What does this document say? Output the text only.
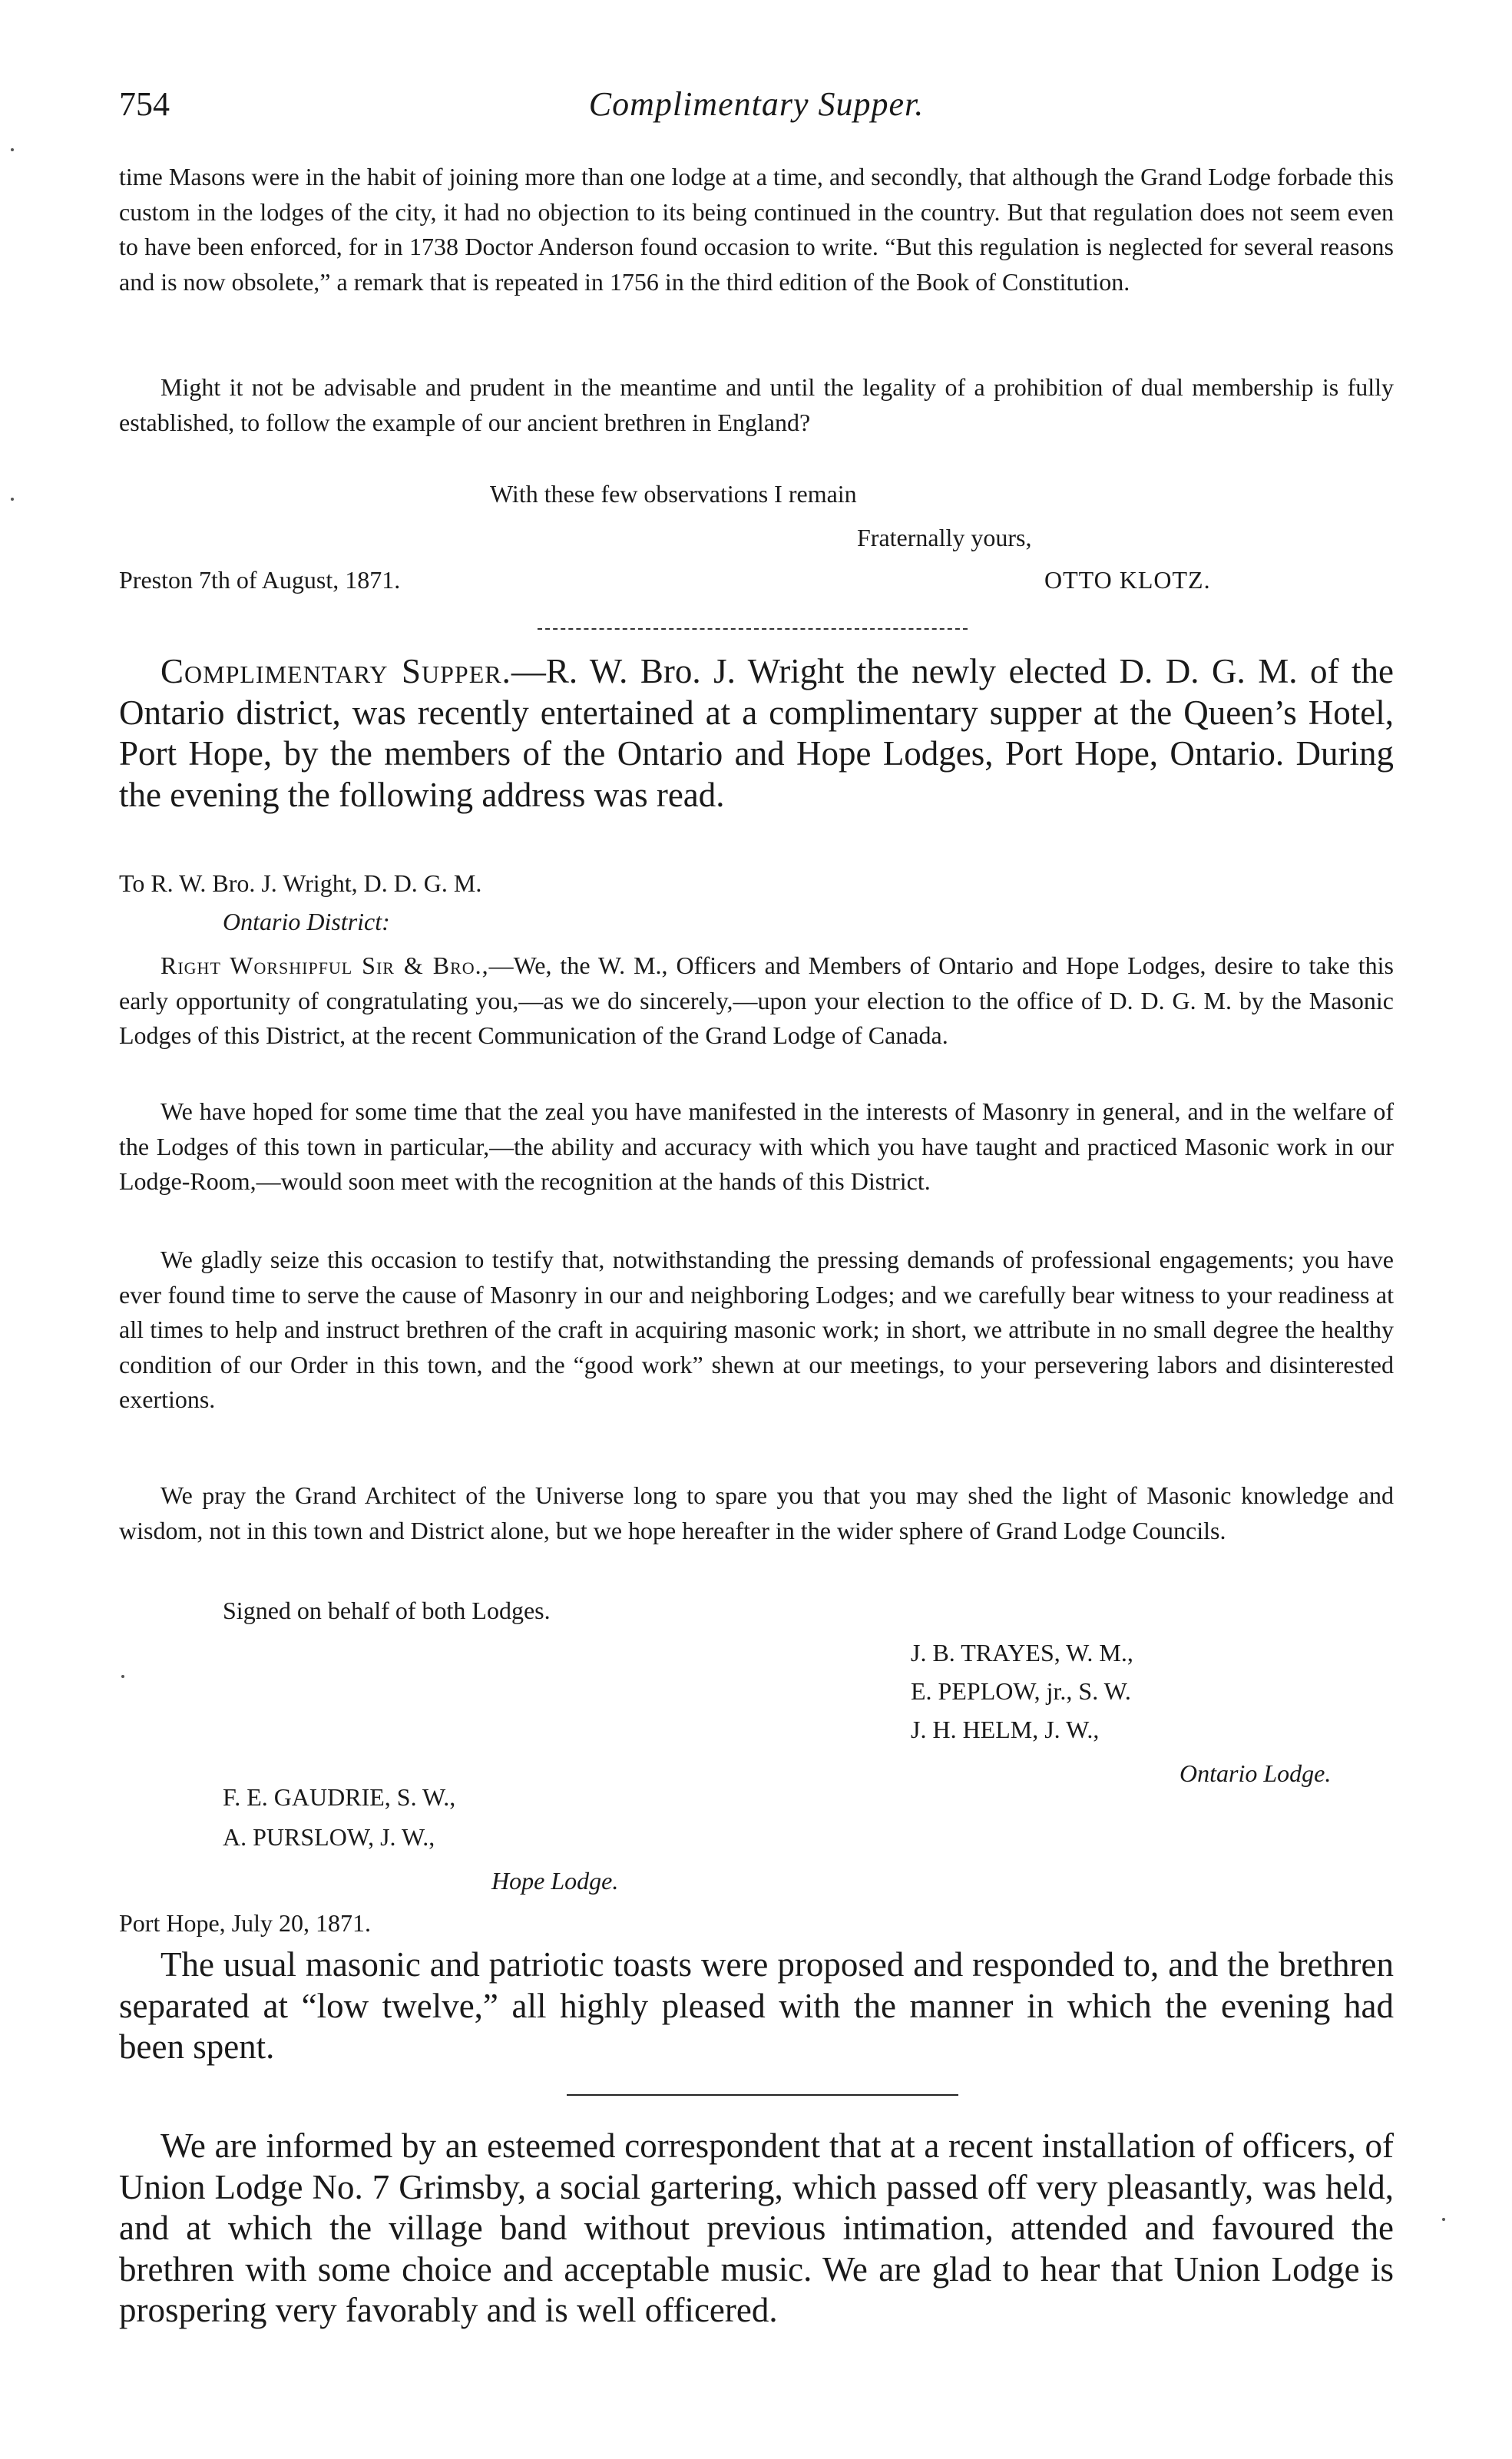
754	Complimentary Supper.
time Masons were in the habit of joining more than one lodge at a time, and secondly, that although the Grand Lodge forbade this custom in the lodges of the city, it had no objection to its being continued in the country. But that regulation does not seem even to have been enforced, for in 1738 Doctor Anderson found occasion to write. “But this regulation is neglected for several reasons and is now obsolete,” a remark that is repeated in 1756 in the third edition of the Book of Constitution.
Might it not be advisable and prudent in the meantime and until the legality of a prohibition of dual membership is fully established, to follow the example of our ancient brethren in England?
With these few observations I remain
Fraternally yours,
Preston 7th of August, 1871.	OTTO KLOTZ.
Complimentary Supper.—R. W. Bro. J. Wright the newly elected D. D. G. M. of the Ontario district, was recently entertained at a complimentary supper at the Queen’s Hotel, Port Hope, by the members of the Ontario and Hope Lodges, Port Hope, Ontario. During the evening the following address was read.
To R. W. Bro. J. Wright, D. D. G. M.
Ontario District:
Right Worshipful Sir & Bro.,—We, the W. M., Officers and Members of Ontario and Hope Lodges, desire to take this early opportunity of congratulating you,—as we do sincerely,—upon your election to the office of D. D. G. M. by the Masonic Lodges of this District, at the recent Communication of the Grand Lodge of Canada.
We have hoped for some time that the zeal you have manifested in the interests of Masonry in general, and in the welfare of the Lodges of this town in particular,—the ability and accuracy with which you have taught and practiced Masonic work in our Lodge-Room,—would soon meet with the recognition at the hands of this District.
We gladly seize this occasion to testify that, notwithstanding the pressing demands of professional engagements; you have ever found time to serve the cause of Masonry in our and neighboring Lodges; and we carefully bear witness to your readiness at all times to help and instruct brethren of the craft in acquiring masonic work; in short, we attribute in no small degree the healthy condition of our Order in this town, and the “good work” shewn at our meetings, to your persevering labors and disinterested exertions.
We pray the Grand Architect of the Universe long to spare you that you may shed the light of Masonic knowledge and wisdom, not in this town and District alone, but we hope hereafter in the wider sphere of Grand Lodge Councils.
Signed on behalf of both Lodges.
J. B. TRAYES, W. M.,
E. PEPLOW, jr., S. W.
J. H. HELM, J. W.,
Ontario Lodge.
F. E. GAUDRIE, S. W.,
A. PURSLOW, J. W.,
Hope Lodge.
Port Hope, July 20, 1871.
The usual masonic and patriotic toasts were proposed and responded to, and the brethren separated at “low twelve,” all highly pleased with the manner in which the evening had been spent.
We are informed by an esteemed correspondent that at a recent installation of officers, of Union Lodge No. 7 Grimsby, a social gartering, which passed off very pleasantly, was held, and at which the village band without previous intimation, attended and favoured the brethren with some choice and acceptable music. We are glad to hear that Union Lodge is prospering very favorably and is well officered.
